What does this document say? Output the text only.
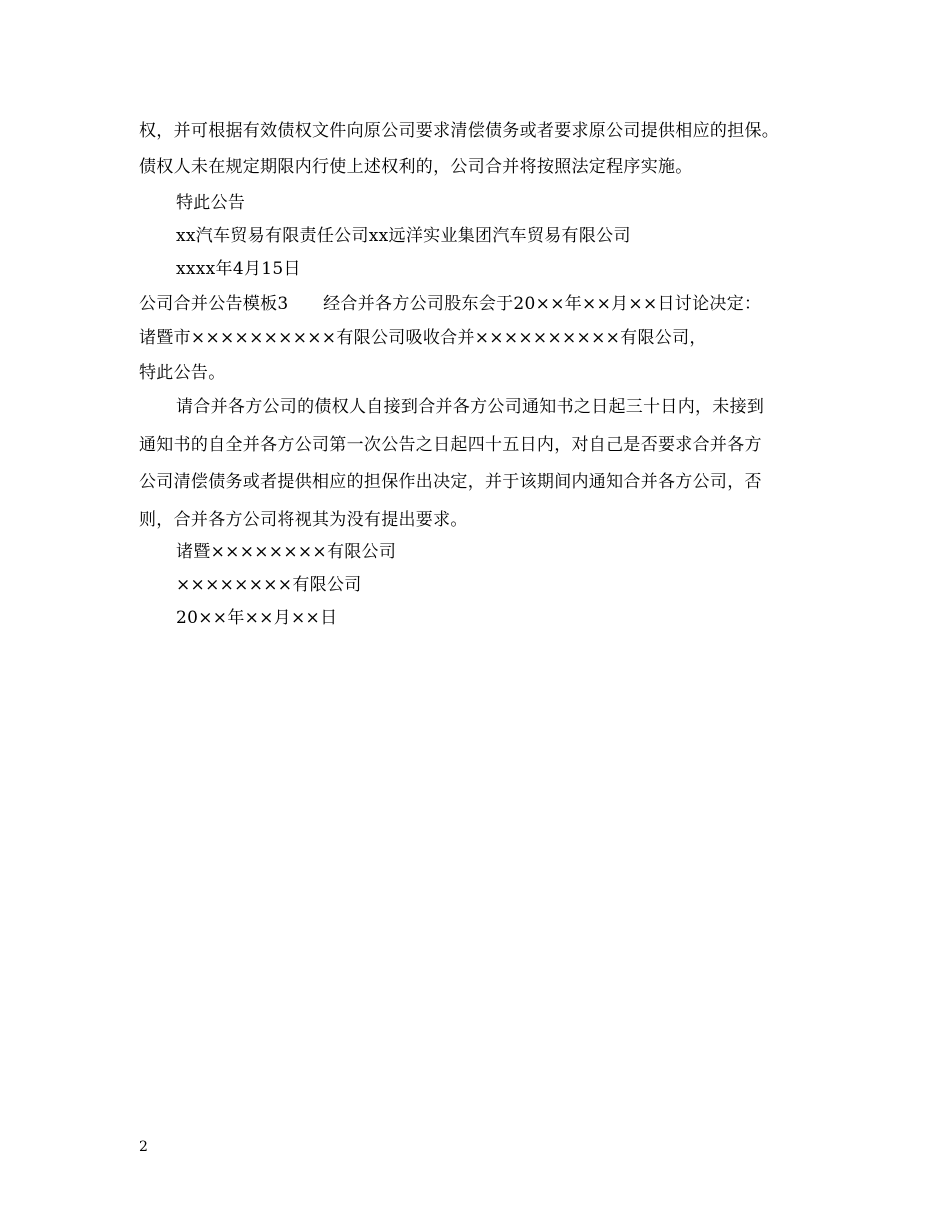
权，并可根据有效债权文件向原公司要求清偿债务或者要求原公司提供相应的担保。
债权人未在规定期限内行使上述权利的，公司合并将按照法定程序实施。
特此公告
xx汽车贸易有限责任公司xx远洋实业集团汽车贸易有限公司
xxxx年4月15日
公司合并公告模板3　　经合并各方公司股东会于20××年××月××日讨论决定：
诸暨市××××××××××有限公司吸收合并××××××××××有限公司，
特此公告。
请合并各方公司的债权人自接到合并各方公司通知书之日起三十日内，未接到
通知书的自全并各方公司第一次公告之日起四十五日内，对自己是否要求合并各方
公司清偿债务或者提供相应的担保作出决定，并于该期间内通知合并各方公司，否
则，合并各方公司将视其为没有提出要求。
诸暨××××××××有限公司
××××××××有限公司
20××年××月××日
2
